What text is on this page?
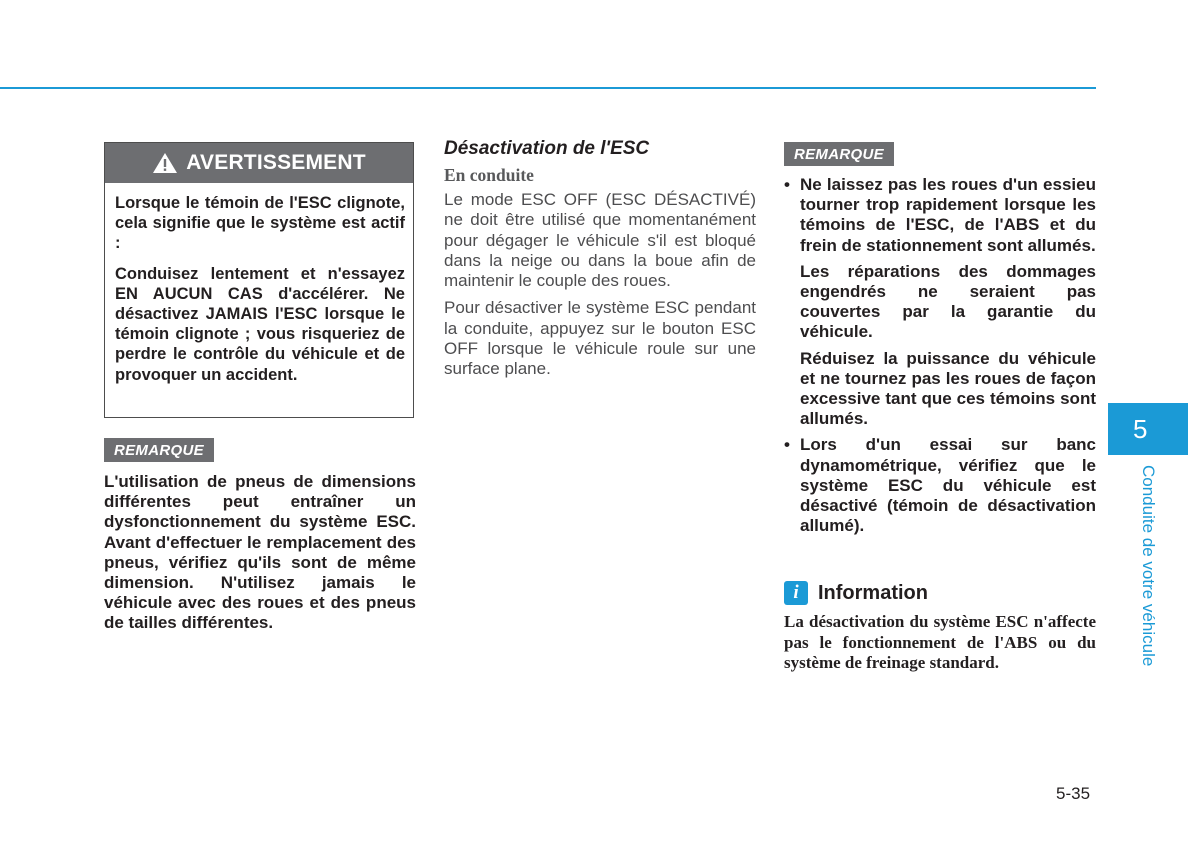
AVERTISSEMENT

Lorsque le témoin de l'ESC clignote, cela signifie que le système est actif :

Conduisez lentement et n'essayez EN AUCUN CAS d'accélérer. Ne désactivez JAMAIS l'ESC lorsque le témoin clignote ; vous risqueriez de perdre le contrôle du véhicule et de provoquer un accident.

REMARQUE

L'utilisation de pneus de dimensions différentes peut entraîner un dysfonctionnement du système ESC. Avant d'effectuer le remplacement des pneus, vérifiez qu'ils sont de même dimension. N'utilisez jamais le véhicule avec des roues et des pneus de tailles différentes.

Désactivation de l'ESC
En conduite

Le mode ESC OFF (ESC DÉSACTIVÉ) ne doit être utilisé que momentanément pour dégager le véhicule s'il est bloqué dans la neige ou dans la boue afin de maintenir le couple des roues.

Pour désactiver le système ESC pendant la conduite, appuyez sur le bouton ESC OFF lorsque le véhicule roule sur une surface plane.

REMARQUE
• Ne laissez pas les roues d'un essieu tourner trop rapidement lorsque les témoins de l'ESC, de l'ABS et du frein de stationnement sont allumés.

Les réparations des dommages engendrés ne seraient pas couvertes par la garantie du véhicule.

Réduisez la puissance du véhicule et ne tournez pas les roues de façon excessive tant que ces témoins sont allumés.

• Lors d'un essai sur banc dynamométrique, vérifiez que le système ESC du véhicule est désactivé (témoin de désactivation allumé).

i Information

La désactivation du système ESC n'affecte pas le fonctionnement de l'ABS ou du système de freinage standard.

5
Conduite de votre véhicule
5-35
